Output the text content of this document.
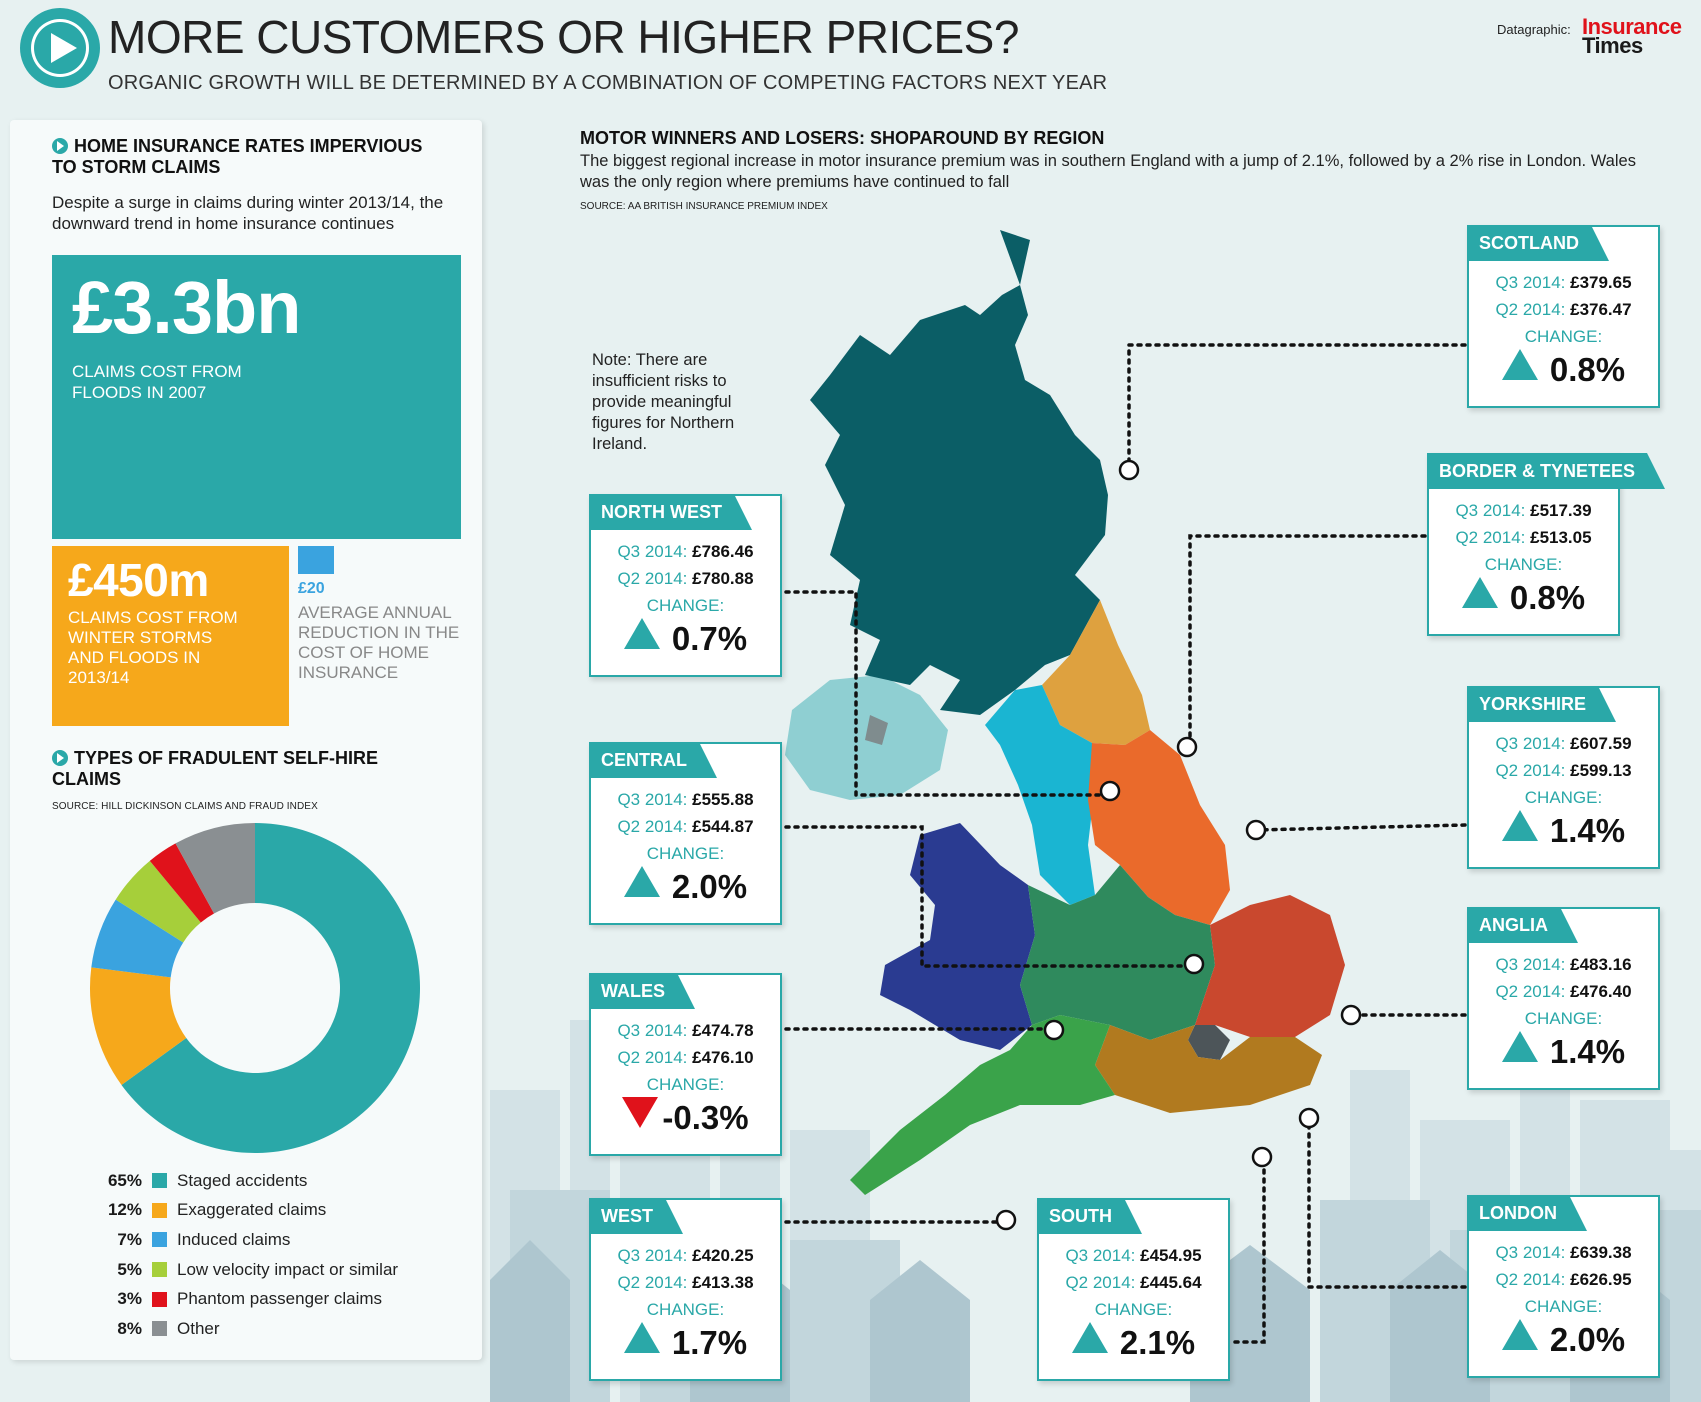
MORE CUSTOMERS OR HIGHER PRICES?
ORGANIC GROWTH WILL BE DETERMINED BY A COMBINATION OF COMPETING FACTORS NEXT YEAR
Datagraphic: Insurance
Times
HOME INSURANCE RATES IMPERVIOUS TO STORM CLAIMS
Despite a surge in claims during winter 2013/14, the downward trend in home insurance continues
£3.3bn
CLAIMS COST FROM FLOODS IN 2007
£450m
CLAIMS COST FROM WINTER STORMS AND FLOODS IN 2013/14
£20
AVERAGE ANNUAL REDUCTION IN THE COST OF HOME INSURANCE
TYPES OF FRADULENT SELF-HIRE CLAIMS
SOURCE: HILL DICKINSON CLAIMS AND FRAUD INDEX
65% Staged accidents
12% Exaggerated claims
7% Induced claims
5% Low velocity impact or similar
3% Phantom passenger claims
8% Other
MOTOR WINNERS AND LOSERS: SHOPAROUND BY REGION
The biggest regional increase in motor insurance premium was in southern England with a jump of 2.1%, followed by a 2% rise in London. Wales was the only region where premiums have continued to fall
SOURCE: AA BRITISH INSURANCE PREMIUM INDEX
Note: There are insufficient risks to provide meaningful figures for Northern Ireland.
SCOTLAND
Q3 2014: £379.65
Q2 2014: £376.47
CHANGE:
0.8%
BORDER & TYNETEES
Q3 2014: £517.39
Q2 2014: £513.05
CHANGE:
0.8%
NORTH WEST
Q3 2014: £786.46
Q2 2014: £780.88
CHANGE:
0.7%
YORKSHIRE
Q3 2014: £607.59
Q2 2014: £599.13
CHANGE:
1.4%
CENTRAL
Q3 2014: £555.88
Q2 2014: £544.87
CHANGE:
2.0%
ANGLIA
Q3 2014: £483.16
Q2 2014: £476.40
CHANGE:
1.4%
WALES
Q3 2014: £474.78
Q2 2014: £476.10
CHANGE:
-0.3%
WEST
Q3 2014: £420.25
Q2 2014: £413.38
CHANGE:
1.7%
SOUTH
Q3 2014: £454.95
Q2 2014: £445.64
CHANGE:
2.1%
LONDON
Q3 2014: £639.38
Q2 2014: £626.95
CHANGE:
2.0%
